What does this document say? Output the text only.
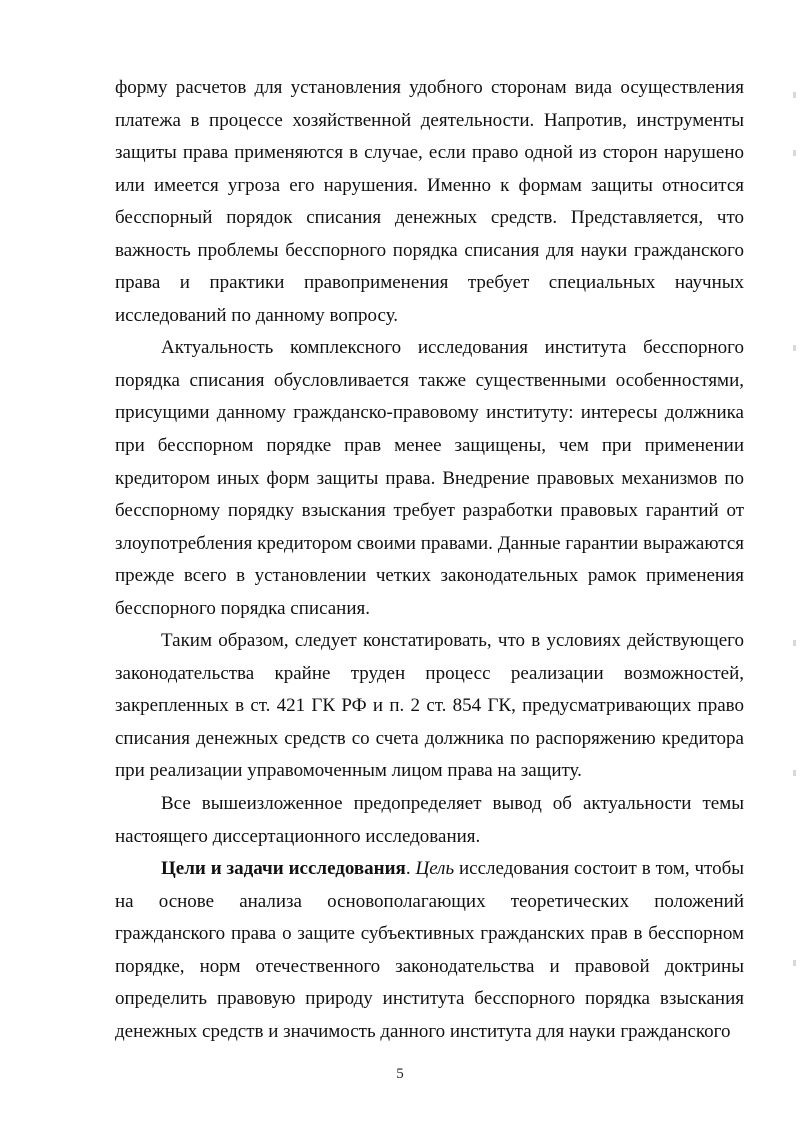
форму расчетов для установления удобного сторонам вида осуществления платежа в процессе хозяйственной деятельности. Напротив, инструменты защиты права применяются в случае, если право одной из сторон нарушено или имеется угроза его нарушения. Именно к формам защиты относится бесспорный порядок списания денежных средств. Представляется, что важность проблемы бесспорного порядка списания для науки гражданского права и практики правоприменения требует специальных научных исследований по данному вопросу.

Актуальность комплексного исследования института бесспорного порядка списания обусловливается также существенными особенностями, присущими данному гражданско-правовому институту: интересы должника при бесспорном порядке прав менее защищены, чем при применении кредитором иных форм защиты права. Внедрение правовых механизмов по бесспорному порядку взыскания требует разработки правовых гарантий от злоупотребления кредитором своими правами. Данные гарантии выражаются прежде всего в установлении четких законодательных рамок применения бесспорного порядка списания.

Таким образом, следует констатировать, что в условиях действующего законодательства крайне труден процесс реализации возможностей, закрепленных в ст. 421 ГК РФ и п. 2 ст. 854 ГК, предусматривающих право списания денежных средств со счета должника по распоряжению кредитора при реализации управомоченным лицом права на защиту.

Все вышеизложенное предопределяет вывод об актуальности темы настоящего диссертационного исследования.

Цели и задачи исследования. Цель исследования состоит в том, чтобы на основе анализа основополагающих теоретических положений гражданского права о защите субъективных гражданских прав в бесспорном порядке, норм отечественного законодательства и правовой доктрины определить правовую природу института бесспорного порядка взыскания денежных средств и значимость данного института для науки гражданского

5
